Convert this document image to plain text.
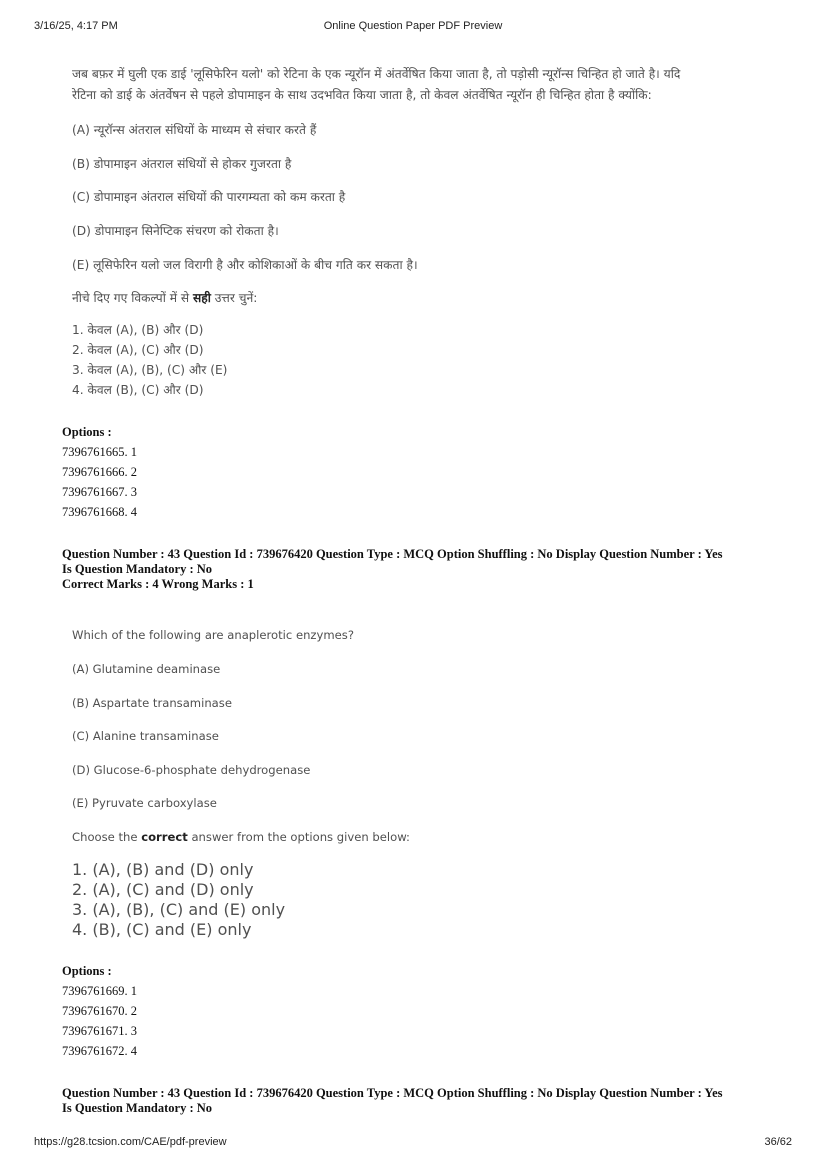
3/16/25, 4:17 PM	Online Question Paper PDF Preview
जब बफ़र में घुली एक डाई 'लूसिफेरिन यलो' को रेटिना के एक न्यूरॉन में अंतर्वेषित किया जाता है, तो पड़ोसी न्यूरॉन्स चिन्हित हो जाते है। यदि
रेटिना को डाई के अंतर्वेषन से पहले डोपामाइन के साथ उदभवित किया जाता है, तो केवल अंतर्वेषित न्यूरॉन ही चिन्हित होता है क्योंकि:
(A) न्यूरॉन्स अंतराल संधियों के माध्यम से संचार करते हैं
(B) डोपामाइन अंतराल संधियों से होकर गुजरता है
(C) डोपामाइन अंतराल संधियों की पारगम्यता को कम करता है
(D) डोपामाइन सिनेप्टिक संचरण को रोकता है।
(E) लूसिफेरिन यलो जल विरागी है और कोशिकाओं के बीच गति कर सकता है।
नीचे दिए गए विकल्पों में से सही उत्तर चुनें:
1. केवल (A), (B) और (D)
2. केवल (A), (C) और (D)
3. केवल (A), (B), (C) और (E)
4. केवल (B), (C) और (D)
Options :
7396761665. 1
7396761666. 2
7396761667. 3
7396761668. 4
Question Number : 43 Question Id : 739676420 Question Type : MCQ Option Shuffling : No Display Question Number : Yes
Is Question Mandatory : No
Correct Marks : 4 Wrong Marks : 1
Which of the following are anaplerotic enzymes?
(A) Glutamine deaminase
(B) Aspartate transaminase
(C) Alanine transaminase
(D) Glucose-6-phosphate dehydrogenase
(E) Pyruvate carboxylase
Choose the correct answer from the options given below:
1. (A), (B) and (D) only
2. (A), (C) and (D) only
3. (A), (B), (C) and (E) only
4. (B), (C) and (E) only
Options :
7396761669. 1
7396761670. 2
7396761671. 3
7396761672. 4
Question Number : 43 Question Id : 739676420 Question Type : MCQ Option Shuffling : No Display Question Number : Yes
Is Question Mandatory : No
https://g28.tcsion.com/CAE/pdf-preview	36/62
